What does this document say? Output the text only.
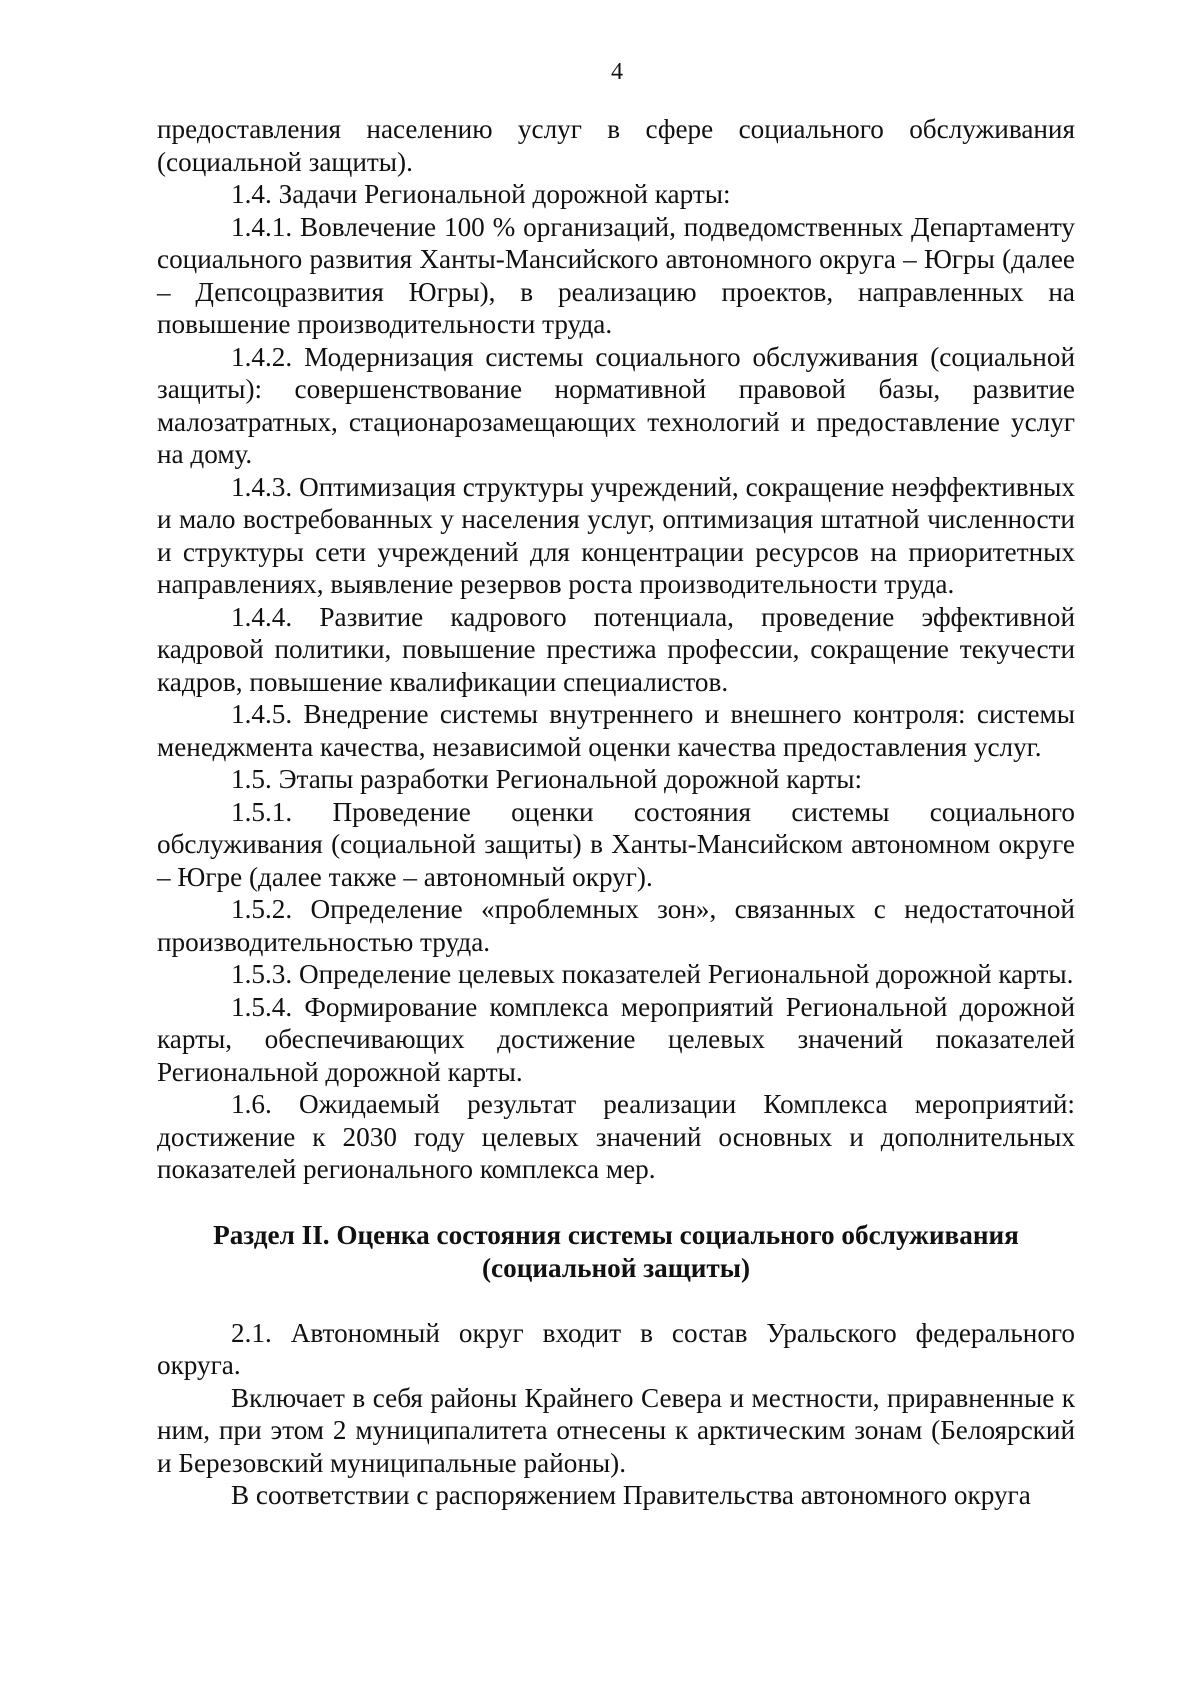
4

предоставления населению услуг в сфере социального обслуживания (социальной защиты).

1.4. Задачи Региональной дорожной карты:

1.4.1. Вовлечение 100 % организаций, подведомственных Департаменту социального развития Ханты-Мансийского автономного округа – Югры (далее – Депсоцразвития Югры), в реализацию проектов, направленных на повышение производительности труда.

1.4.2. Модернизация системы социального обслуживания (социальной защиты): совершенствование нормативной правовой базы, развитие малозатратных, стационарозамещающих технологий и предоставление услуг на дому.

1.4.3. Оптимизация структуры учреждений, сокращение неэффективных и мало востребованных у населения услуг, оптимизация штатной численности и структуры сети учреждений для концентрации ресурсов на приоритетных направлениях, выявление резервов роста производительности труда.

1.4.4. Развитие кадрового потенциала, проведение эффективной кадровой политики, повышение престижа профессии, сокращение текучести кадров, повышение квалификации специалистов.

1.4.5. Внедрение системы внутреннего и внешнего контроля: системы менеджмента качества, независимой оценки качества предоставления услуг.

1.5. Этапы разработки Региональной дорожной карты:

1.5.1. Проведение оценки состояния системы социального обслуживания (социальной защиты) в Ханты-Мансийском автономном округе – Югре (далее также – автономный округ).

1.5.2. Определение «проблемных зон», связанных с недостаточной производительностью труда.

1.5.3. Определение целевых показателей Региональной дорожной карты.

1.5.4. Формирование комплекса мероприятий Региональной дорожной карты, обеспечивающих достижение целевых значений показателей Региональной дорожной карты.

1.6. Ожидаемый результат реализации Комплекса мероприятий: достижение к 2030 году целевых значений основных и дополнительных показателей регионального комплекса мер.

Раздел II. Оценка состояния системы социального обслуживания
(социальной защиты)

2.1. Автономный округ входит в состав Уральского федерального округа.

Включает в себя районы Крайнего Севера и местности, приравненные к ним, при этом 2 муниципалитета отнесены к арктическим зонам (Белоярский и Березовский муниципальные районы).

В соответствии с распоряжением Правительства автономного округа
